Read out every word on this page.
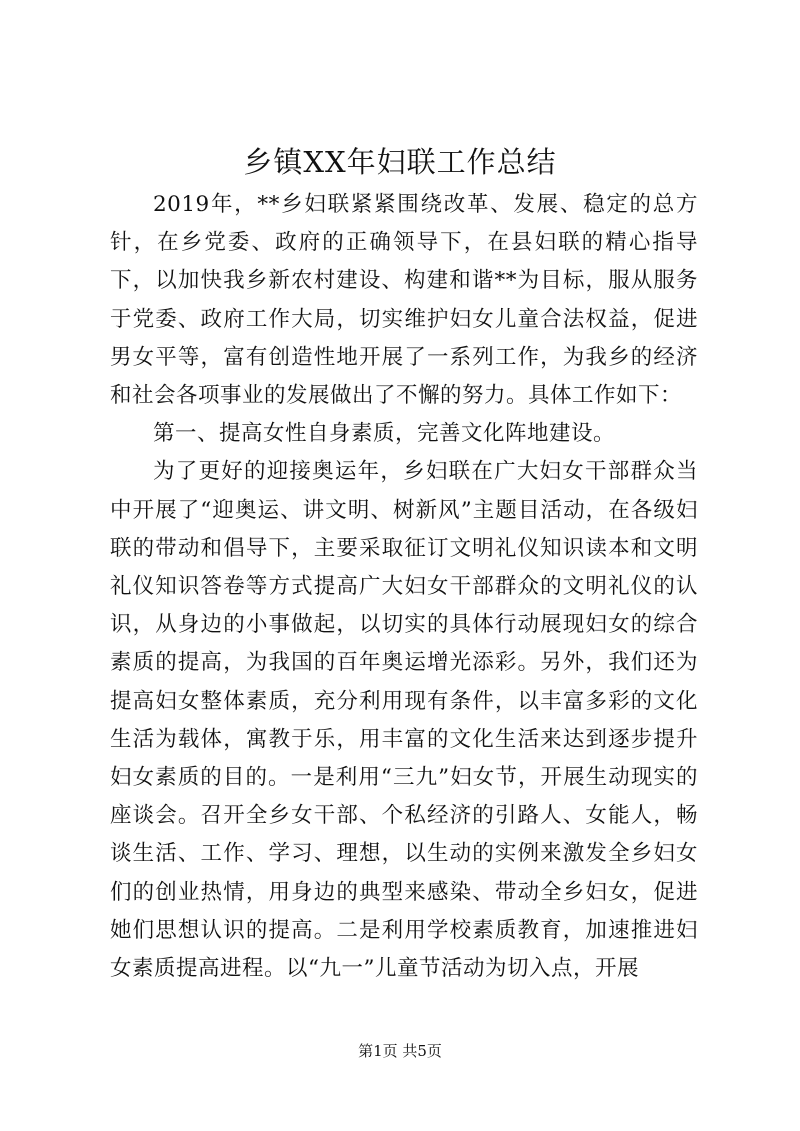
乡镇XX年妇联工作总结

2019年，**乡妇联紧紧围绕改革、发展、稳定的总方针，在乡党委、政府的正确领导下，在县妇联的精心指导下，以加快我乡新农村建设、构建和谐**为目标，服从服务于党委、政府工作大局，切实维护妇女儿童合法权益，促进男女平等，富有创造性地开展了一系列工作，为我乡的经济和社会各项事业的发展做出了不懈的努力。具体工作如下：

第一、提高女性自身素质，完善文化阵地建设。

为了更好的迎接奥运年，乡妇联在广大妇女干部群众当中开展了“迎奥运、讲文明、树新风”主题目活动，在各级妇联的带动和倡导下，主要采取征订文明礼仪知识读本和文明礼仪知识答卷等方式提高广大妇女干部群众的文明礼仪的认识，从身边的小事做起，以切实的具体行动展现妇女的综合素质的提高，为我国的百年奥运增光添彩。另外，我们还为提高妇女整体素质，充分利用现有条件，以丰富多彩的文化生活为载体，寓教于乐，用丰富的文化生活来达到逐步提升妇女素质的目的。一是利用“三九”妇女节，开展生动现实的座谈会。召开全乡女干部、个私经济的引路人、女能人，畅谈生活、工作、学习、理想，以生动的实例来激发全乡妇女们的创业热情，用身边的典型来感染、带动全乡妇女，促进她们思想认识的提高。二是利用学校素质教育，加速推进妇女素质提高进程。以“九一”儿童节活动为切入点，开展

第1页 共5页
